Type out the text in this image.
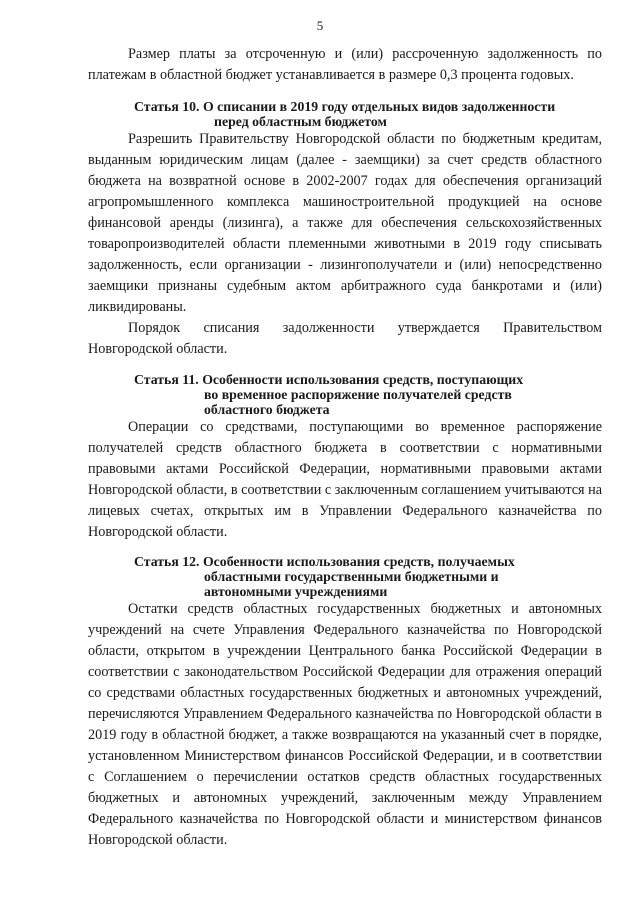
5

Размер платы за отсроченную и (или) рассроченную задолженность по платежам в областной бюджет устанавливается в размере 0,3 процента годовых.

Статья 10. О списании в 2019 году отдельных видов задолженности
перед областным бюджетом

Разрешить Правительству Новгородской области по бюджетным кредитам, выданным юридическим лицам (далее - заемщики) за счет средств областного бюджета на возвратной основе в 2002-2007 годах для обеспечения организаций агропромышленного комплекса машиностроительной продукцией на основе финансовой аренды (лизинга), а также для обеспечения сельскохозяйственных товаропроизводителей области племенными животными в 2019 году списывать задолженность, если организации - лизингополучатели и (или) непосредственно заемщики признаны судебным актом арбитражного суда банкротами и (или) ликвидированы.

Порядок списания задолженности утверждается Правительством Новгородской области.

Статья 11. Особенности использования средств, поступающих
во временное распоряжение получателей средств
областного бюджета

Операции со средствами, поступающими во временное распоряжение получателей средств областного бюджета в соответствии с нормативными правовыми актами Российской Федерации, нормативными правовыми актами Новгородской области, в соответствии с заключенным соглашением учитываются на лицевых счетах, открытых им в Управлении Федерального казначейства по Новгородской области.

Статья 12. Особенности использования средств, получаемых
областными государственными бюджетными и
автономными учреждениями

Остатки средств областных государственных бюджетных и автономных учреждений на счете Управления Федерального казначейства по Новгородской области, открытом в учреждении Центрального банка Российской Федерации в соответствии с законодательством Российской Федерации для отражения операций со средствами областных государственных бюджетных и автономных учреждений, перечисляются Управлением Федерального казначейства по Новгородской области в 2019 году в областной бюджет, а также возвращаются на указанный счет в порядке, установленном Министерством финансов Российской Федерации, и в соответствии с Соглашением о перечислении остатков средств областных государственных бюджетных и автономных учреждений, заключенным между Управлением Федерального казначейства по Новгородской области и министерством финансов Новгородской области.
